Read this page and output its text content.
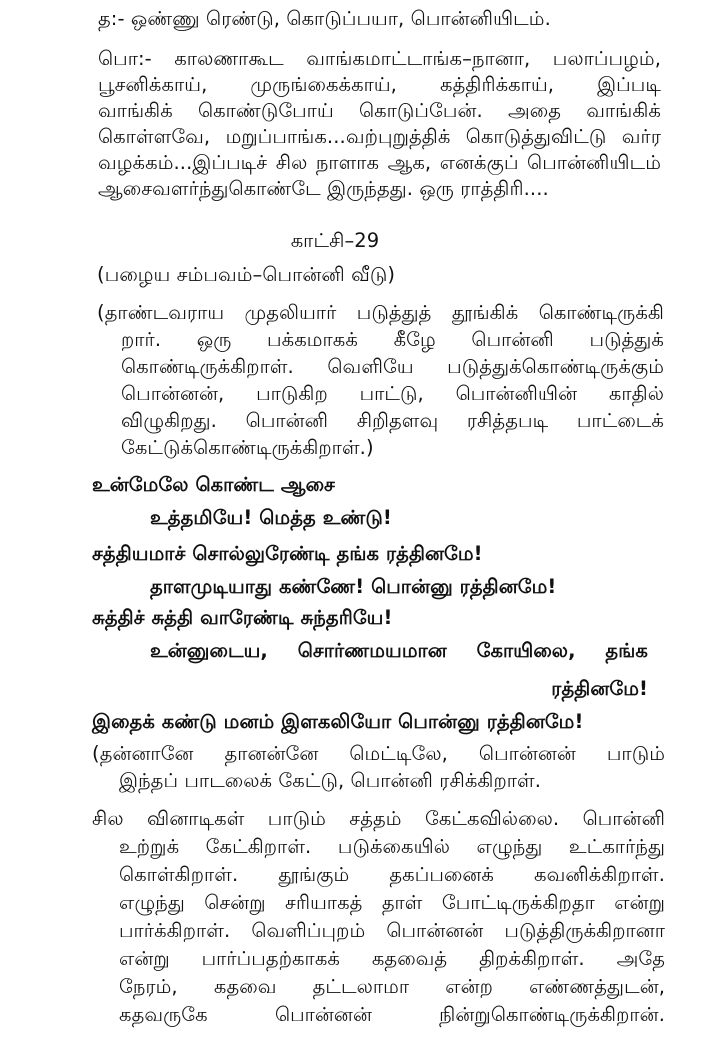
த:- ஒண்ணு ரெண்டு, கொடுப்பயா, பொன்னியிடம்.
பொ:- காலணாகூட வாங்கமாட்டாங்க–நானா, பலாப்பழம்,
பூசனிக்காய், முருங்கைக்காய், கத்திரிக்காய், இப்படி
வாங்கிக் கொண்டுபோய் கொடுப்பேன். அதை வாங்கிக்
கொள்ளவே, மறுப்பாங்க...வற்புறுத்திக் கொடுத்துவிட்டு வர்ர
வழக்கம்...இப்படிச் சில நாளாக ஆக, எனக்குப் பொன்னியிடம்
ஆசைவளர்ந்துகொண்டே இருந்தது. ஒரு ராத்திரி....
காட்சி–29
(பழைய சம்பவம்–பொன்னி வீடு)
(தாண்டவராய முதலியார் படுத்துத் தூங்கிக் கொண்டிருக்கி
றார். ஒரு பக்கமாகக் கீழே பொன்னி படுத்துக்
கொண்டிருக்கிறாள். வெளியே படுத்துக்கொண்டிருக்கும்
பொன்னன், பாடுகிற பாட்டு, பொன்னியின் காதில்
விழுகிறது. பொன்னி சிறிதளவு ரசித்தபடி பாட்டைக்
கேட்டுக்கொண்டிருக்கிறாள்.)
உன்மேலே கொண்ட ஆசை
உத்தமியே! மெத்த உண்டு!
சத்தியமாச் சொல்லுரேண்டி தங்க ரத்தினமே!
தாளமுடியாது கண்ணே! பொன்னு ரத்தினமே!
சுத்திச் சுத்தி வாரேண்டி சுந்தரியே!
உன்னுடைய, சொர்ணமயமான கோயிலை, தங்க
ரத்தினமே!
இதைக் கண்டு மனம் இளகலியோ பொன்னு ரத்தினமே!
(தன்னானே தானன்னே மெட்டிலே, பொன்னன் பாடும்
இந்தப் பாடலைக் கேட்டு, பொன்னி ரசிக்கிறாள்.
சில வினாடிகள் பாடும் சத்தம் கேட்கவில்லை. பொன்னி
உற்றுக் கேட்கிறாள். படுக்கையில் எழுந்து உட்கார்ந்து
கொள்கிறாள். தூங்கும் தகப்பனைக் கவனிக்கிறாள்.
எழுந்து சென்று சரியாகத் தாள் போட்டிருக்கிறதா என்று
பார்க்கிறாள். வெளிப்புறம் பொன்னன் படுத்திருக்கிறானா
என்று பார்ப்பதற்காகக் கதவைத் திறக்கிறாள். அதே
நேரம், கதவை தட்டலாமா என்ற எண்ணத்துடன்,
கதவருகே பொன்னன் நின்றுகொண்டிருக்கிறான்.
